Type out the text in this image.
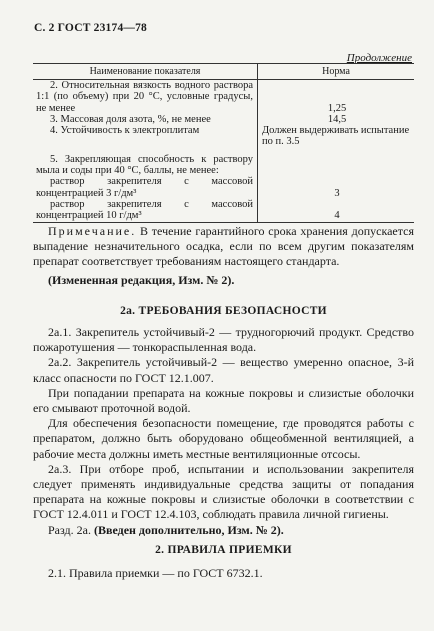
С. 2 ГОСТ 23174—78
Продолжение
Наименование показателя	Норма
2. Относительная вязкость водного раствора 1:1 (по объему) при 20 °С, условные градусы, не менее	1,25
3. Массовая доля азота, %, не менее	14,5
4. Устойчивость к электроплитам	Должен выдерживать испытание по п. 3.5
5. Закрепляющая способность к раствору мыла и соды при 40 °С, баллы, не менее:	
раствор закрепителя с массовой концентрацией 3 г/дм³	3
раствор закрепителя с массовой концентрацией 10 г/дм³	4

Примечание. В течение гарантийного срока хранения допускается выпадение незначительного осадка, если по всем другим показателям препарат соответствует требованиям настоящего стандарта.

(Измененная редакция, Изм. № 2).

2а. ТРЕБОВАНИЯ БЕЗОПАСНОСТИ

2а.1. Закрепитель устойчивый-2 — трудногорючий продукт. Средство пожаротушения — тонкораспыленная вода.

2а.2. Закрепитель устойчивый-2 — вещество умеренно опасное, 3-й класс опасности по ГОСТ 12.1.007.

При попадании препарата на кожные покровы и слизистые оболочки его смывают проточной водой.

Для обеспечения безопасности помещение, где проводятся работы с препаратом, должно быть оборудовано общеобменной вентиляцией, а рабочие места должны иметь местные вентиляционные отсосы.

2а.3. При отборе проб, испытании и использовании закрепителя следует применять индивидуальные средства защиты от попадания препарата на кожные покровы и слизистые оболочки в соответствии с ГОСТ 12.4.011 и ГОСТ 12.4.103, соблюдать правила личной гигиены.

Разд. 2а. (Введен дополнительно, Изм. № 2).

2. ПРАВИЛА ПРИЕМКИ

2.1. Правила приемки — по ГОСТ 6732.1.
